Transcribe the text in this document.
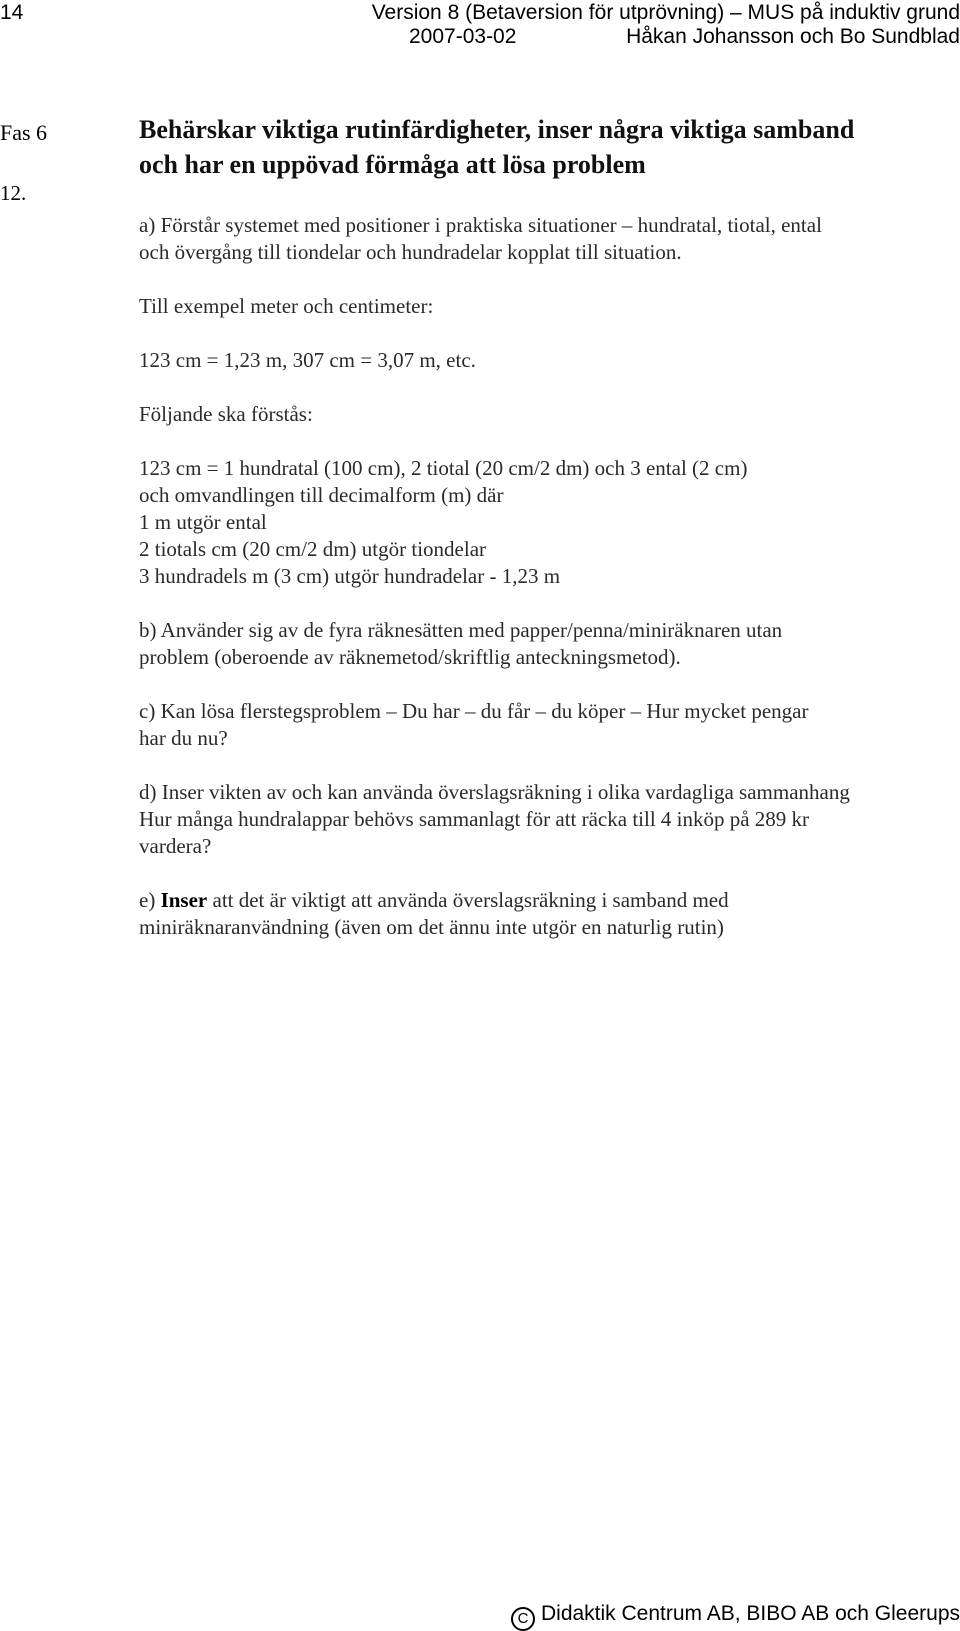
14	Version 8 (Betaversion för utprövning) – MUS på induktiv grund
2007-03-02	Håkan Johansson och Bo Sundblad
Fas 6
12.
Behärskar viktiga rutinfärdigheter, inser några viktiga samband
och har en uppövad förmåga att lösa problem
a) Förstår systemet med positioner i praktiska situationer – hundratal, tiotal, ental
och övergång till tiondelar och hundradelar kopplat till situation.
Till exempel meter och centimeter:
123 cm = 1,23 m, 307 cm = 3,07 m, etc.
Följande ska förstås:
123 cm = 1 hundratal (100 cm), 2 tiotal (20 cm/2 dm) och 3 ental (2 cm)
och omvandlingen till decimalform (m) där
1 m utgör ental
2 tiotals cm (20 cm/2 dm) utgör tiondelar
3 hundradels m (3 cm) utgör hundradelar - 1,23 m
b) Använder sig av de fyra räknesätten med papper/penna/miniräknaren utan
problem (oberoende av räknemetod/skriftlig anteckningsmetod).
c) Kan lösa flerstegsproblem – Du har – du får – du köper – Hur mycket pengar
har du nu?
d) Inser vikten av och kan använda överslagsräkning i olika vardagliga sammanhang
Hur många hundralappar behövs sammanlagt för att räcka till 4 inköp på 289 kr
vardera?
e) Inser att det är viktigt att använda överslagsräkning i samband med
miniräknaranvändning (även om det ännu inte utgör en naturlig rutin)
C Didaktik Centrum AB, BIBO AB och Gleerups
